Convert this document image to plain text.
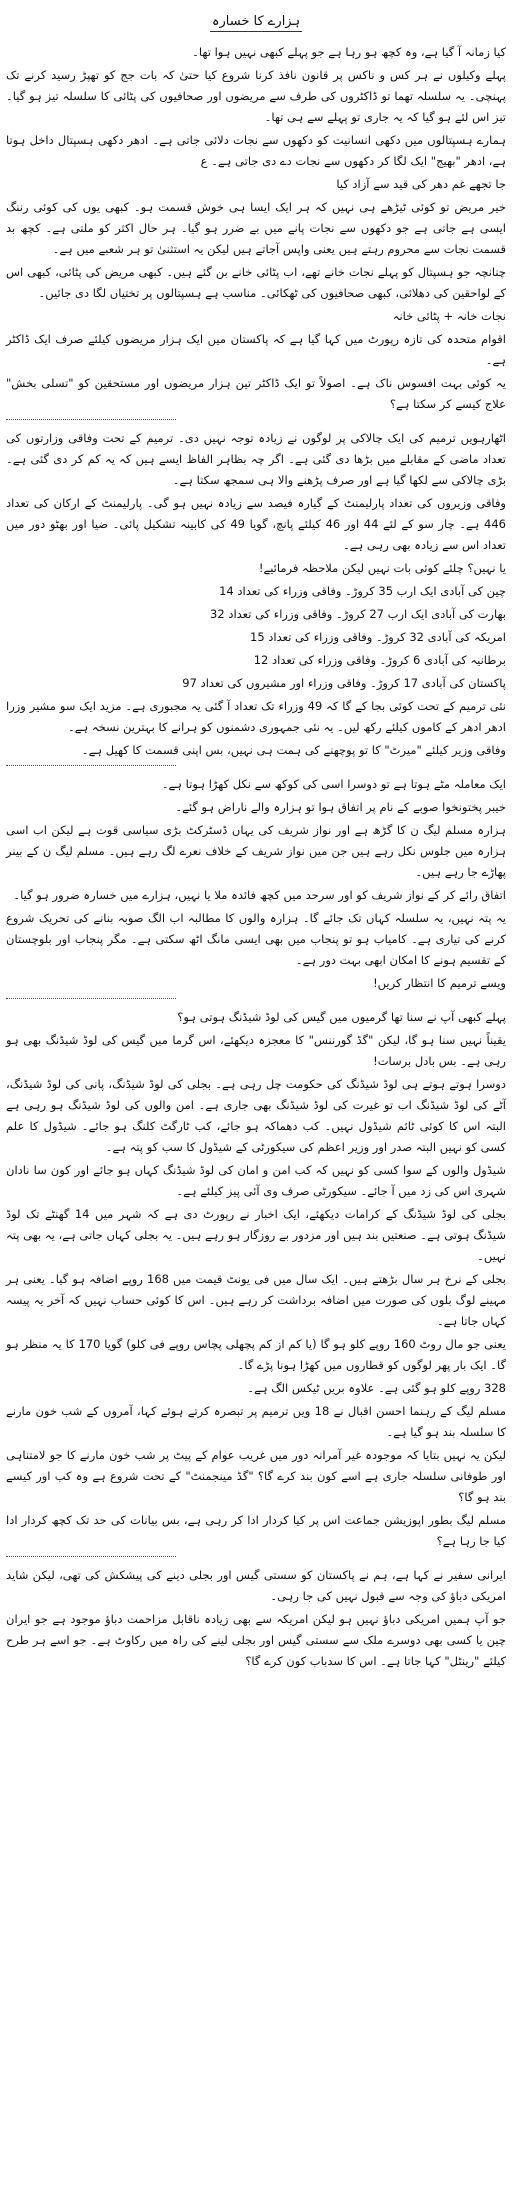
ہزارے کا خسارہ

کیا زمانہ آ گیا ہے، وہ کچھ ہو رہا ہے جو پہلے کبھی نہیں ہوا تھا۔

پہلے وکیلوں نے ہر کس و ناکس پر قانون نافذ کرنا شروع کیا حتیٰ کہ بات جج کو تھپڑ رسید کرنے تک پہنچی۔ یہ سلسلہ تھما تو ڈاکٹروں کی طرف سے مریضوں اور صحافیوں کی پٹائی کا سلسلہ تیز ہو گیا۔ تیز اس لئے ہو گیا کہ یہ جاری تو پہلے سے ہی تھا۔

ہمارے ہسپتالوں میں دکھی انسانیت کو دکھوں سے نجات دلائی جاتی ہے۔ ادھر دکھی ہسپتال داخل ہوتا ہے، ادھر "بھیج" ایک لگا کر دکھوں سے نجات دے دی جاتی ہے۔ ع

جا تجھے غم دھر کی قید سے آزاد کیا

خیر مریض تو کوئی ٹیڑھے ہی نہیں کہ ہر ایک ایسا ہی خوش قسمت ہو۔ کبھی یوں کی کوئی رننگ ایسی ہے جاتی ہے جو دکھوں سے نجات پانے میں بے ضرر ہو گیا۔ ہر حال اکثر کو ملتی ہے۔ کچھ بد قسمت نجات سے محروم رہتے ہیں یعنی واپس آجاتے ہیں لیکن یہ استثنیٰ تو ہر شعبے میں ہے۔

چنانچہ جو ہسپتال کو پہلے نجات خانے تھے، اب پٹائی خانے بن گئے ہیں۔ کبھی مریض کی پٹائی، کبھی اس کے لواحقین کی دھلائی، کبھی صحافیوں کی ٹھکائی۔ مناسب ہے ہسپتالوں پر تختیاں لگا دی جائیں۔

نجات خانہ + پٹائی خانہ

اقوام متحدہ کی تازہ رپورٹ میں کہا گیا ہے کہ پاکستان میں ایک ہزار مریضوں کیلئے صرف ایک ڈاکٹر ہے۔

یہ کوئی بہت افسوس ناک ہے۔ اصولاً تو ایک ڈاکٹر تین ہزار مریضوں اور مستحقین کو "تسلی بخش" علاج کیسے کر سکتا ہے؟

اٹھارہویں ترمیم کی ایک چالاکی پر لوگوں نے زیادہ توجہ نہیں دی۔ ترمیم کے تحت وفاقی وزارتوں کی تعداد ماضی کے مقابلے میں بڑھا دی گئی ہے۔ اگر چہ بظاہر الفاظ ایسے ہیں کہ یہ کم کر دی گئی ہے۔ بڑی چالاکی سے لکھا گیا ہے اور صرف پڑھنے والا ہی سمجھ سکتا ہے۔

وفاقی وزیروں کی تعداد پارلیمنٹ کے گیارہ فیصد سے زیادہ نہیں ہو گی۔ پارلیمنٹ کے ارکان کی تعداد 446 ہے۔ چار سو کے لئے 44 اور 46 کیلئے پانچ، گویا 49 کی کابینہ تشکیل پائی۔ ضیا اور بھٹو دور میں تعداد اس سے زیادہ بھی رہی ہے۔

یا نہیں؟ چلئے کوئی بات نہیں لیکن ملاحظہ فرمائیے!

چین کی آبادی ایک ارب 35 کروڑ۔ وفاقی وزراء کی تعداد 14

بھارت کی آبادی ایک ارب 27 کروڑ۔ وفاقی وزراء کی تعداد 32

امریکہ کی آبادی 32 کروڑ۔ وفاقی وزراء کی تعداد 15

برطانیہ کی آبادی 6 کروڑ۔ وفاقی وزراء کی تعداد 12

پاکستان کی آبادی 17 کروڑ۔ وفاقی وزراء اور مشیروں کی تعداد 97

نئی ترمیم کے تحت کوئی بجا کے گا کہ 49 وزراء تک تعداد آ گئی یہ مجبوری ہے۔ مزید ایک سو مشیر وزرا ادھر ادھر کے کاموں کیلئے رکھ لیں۔ یہ نئی جمہوری دشمنوں کو ہرانے کا بہترین نسخہ ہے۔

وفاقی وزیر کیلئے "میرٹ" کا تو پوچھنے کی ہمت ہی نہیں، بس اپنی قسمت کا کھیل ہے۔

ایک معاملہ مٹے ہوتا ہے تو دوسرا اسی کی کوکھ سے نکل کھڑا ہوتا ہے۔

خیبر پختونخوا صوبے کے نام پر اتفاق ہوا تو ہزارہ والے ناراض ہو گئے۔

ہزارہ مسلم لیگ ن کا گڑھ ہے اور نواز شریف کی یہاں ڈسٹرکٹ بڑی سیاسی قوت ہے لیکن اب اسی ہزارہ میں جلوس نکل رہے ہیں جن میں نواز شریف کے خلاف نعرے لگ رہے ہیں۔ مسلم لیگ ن کے بینر پھاڑے جا رہے ہیں۔

اتفاق رائے کر کے نواز شریف کو اور سرحد میں کچھ فائدہ ملا یا نہیں، ہزارے میں خسارہ ضرور ہو گیا۔

یہ پتہ نہیں، یہ سلسلہ کہاں تک جائے گا۔ ہزارہ والوں کا مطالبہ اب الگ صوبہ بنانے کی تحریک شروع کرنے کی تیاری ہے۔ کامیاب ہو تو پنجاب میں بھی ایسی مانگ اٹھ سکتی ہے۔ مگر پنجاب اور بلوچستان کے تقسیم ہونے کا امکان ابھی بہت دور ہے۔

ویسے ترمیم کا انتظار کریں!

پہلے کبھی آپ نے سنا تھا گرمیوں میں گیس کی لوڈ شیڈنگ ہوتی ہو؟

یقیناً نہیں سنا ہو گا، لیکن "گڈ گورننس" کا معجزہ دیکھئے، اس گرما میں گیس کی لوڈ شیڈنگ بھی ہو رہی ہے۔ بس بادل برسات!

دوسرا ہوتے ہوتے ہی لوڈ شیڈنگ کی حکومت چل رہی ہے۔ بجلی کی لوڈ شیڈنگ، پانی کی لوڈ شیڈنگ، آٹے کی لوڈ شیڈنگ اب تو غیرت کی لوڈ شیڈنگ بھی جاری ہے۔ امن والوں کی لوڈ شیڈنگ ہو رہی ہے البتہ اس کا کوئی ٹائم شیڈول نہیں۔ کب دھماکہ ہو جائے، کب ٹارگٹ کلنگ ہو جائے۔ شیڈول کا علم کسی کو نہیں البتہ صدر اور وزیر اعظم کی سیکورٹی کے شیڈول کا سب کو پتہ ہے۔

شیڈول والوں کے سوا کسی کو نہیں کہ کب امن و امان کی لوڈ شیڈنگ کہاں ہو جائے اور کون سا نادان شہری اس کی زد میں آ جائے۔ سیکورٹی صرف وی آئی پیز کیلئے ہے۔

بجلی کی لوڈ شیڈنگ کے کرامات دیکھئے، ایک اخبار نے رپورٹ دی ہے کہ شہر میں 14 گھنٹے تک لوڈ شیڈنگ ہوتی ہے۔ صنعتیں بند ہیں اور مزدور بے روزگار ہو رہے ہیں۔ یہ بجلی کہاں جاتی ہے، یہ بھی پتہ نہیں۔

بجلی کے نرخ ہر سال بڑھتے ہیں۔ ایک سال میں فی یونٹ قیمت میں 168 روپے اضافہ ہو گیا۔ یعنی ہر مہینے لوگ بلوں کی صورت میں اضافہ برداشت کر رہے ہیں۔ اس کا کوئی حساب نہیں کہ آخر یہ پیسہ کہاں جاتا ہے۔

یعنی جو مال روٹ 160 روپے کلو ہو گا (یا کم از کم پچھلی پچاس روپے فی کلو) گویا 170 کا یہ منظر ہو گا۔ ایک بار پھر لوگوں کو قطاروں میں کھڑا ہونا پڑے گا۔

328 روپے کلو ہو گئی ہے۔ علاوہ بریں ٹیکس الگ ہے۔

مسلم لیگ کے رہنما احسن اقبال نے 18 ویں ترمیم پر تبصرہ کرتے ہوئے کہا، آمروں کے شب خون مارنے کا سلسلہ بند ہو گیا ہے۔

لیکن یہ نہیں بتایا کہ موجودہ غیر آمرانہ دور میں غریب عوام کے پیٹ پر شب خون مارنے کا جو لامتناہی اور طوفانی سلسلہ جاری ہے اسے کون بند کرے گا؟ "گڈ مینجمنٹ" کے تحت شروع ہے وہ کب اور کیسے بند ہو گا؟

مسلم لیگ بطور اپوزیشن جماعت اس پر کیا کردار ادا کر رہی ہے، بس بیانات کی حد تک کچھ کردار ادا کیا جا رہا ہے؟

ایرانی سفیر نے کہا ہے، ہم نے پاکستان کو سستی گیس اور بجلی دینے کی پیشکش کی تھی، لیکن شاید امریکی دباؤ کی وجہ سے قبول نہیں کی جا رہی۔

جو آپ ہمیں امریکی دباؤ نہیں ہو لیکن امریکہ سے بھی زیادہ ناقابل مزاحمت دباؤ موجود ہے جو ایران چین یا کسی بھی دوسرے ملک سے سستی گیس اور بجلی لینے کی راہ میں رکاوٹ ہے۔ جو اسے ہر طرح کیلئے "رینٹل" کہا جاتا ہے۔ اس کا سدباب کون کرے گا؟
